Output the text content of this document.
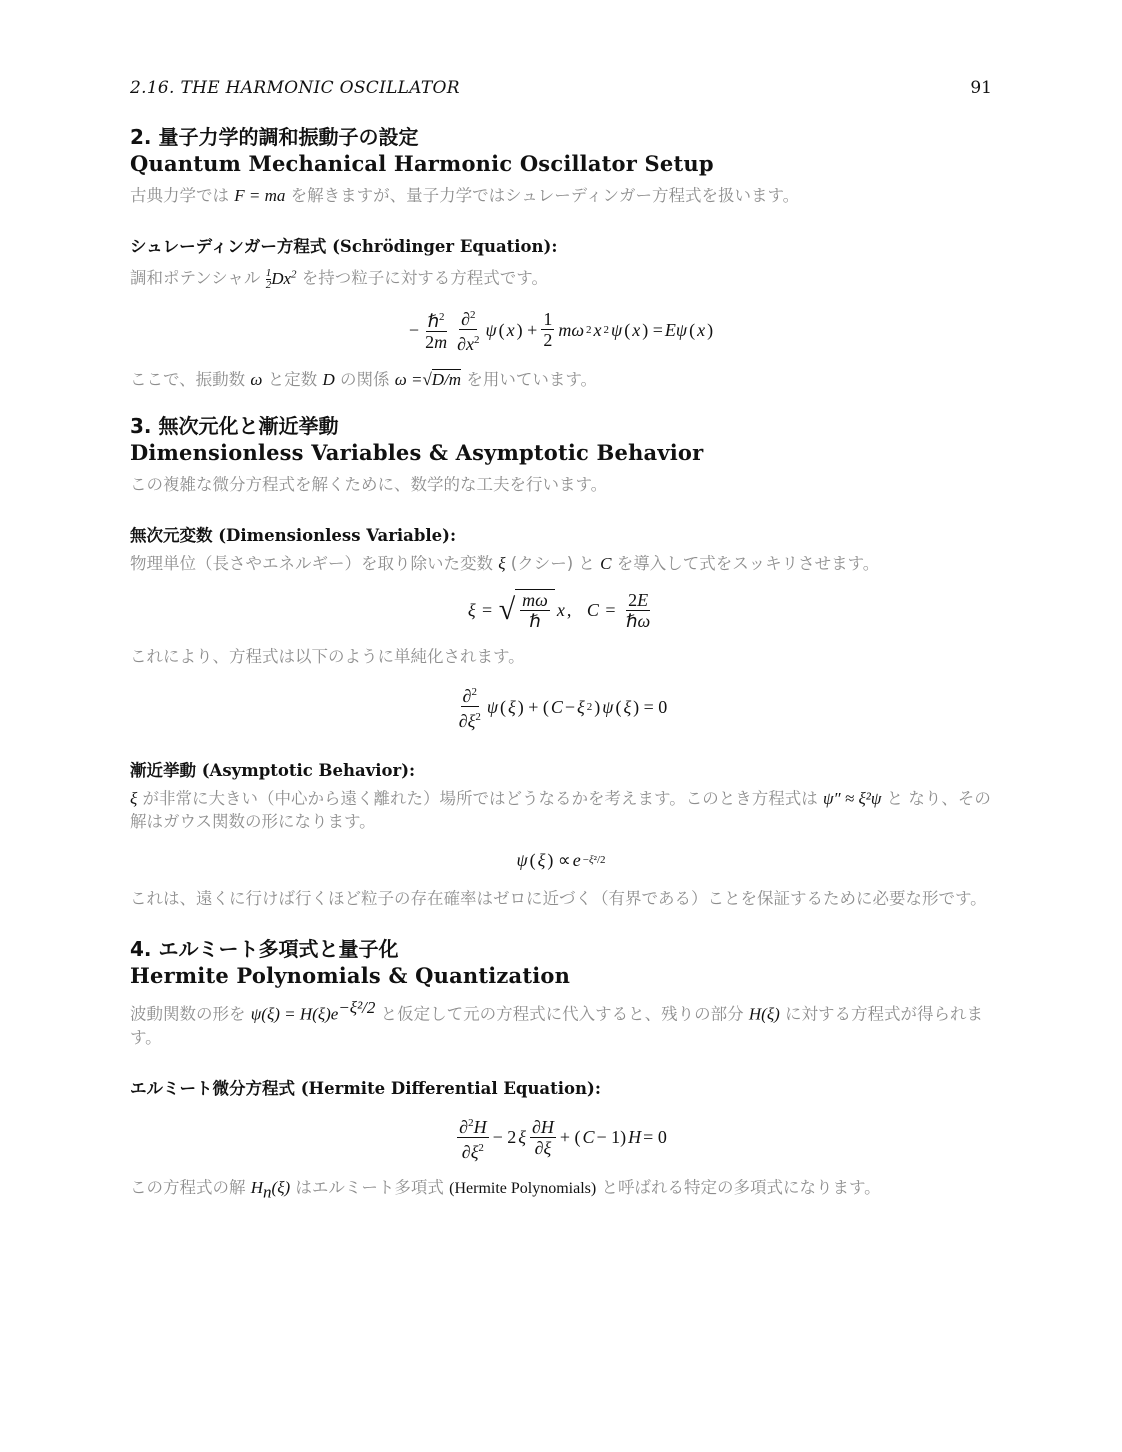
2.16. THE HARMONIC OSCILLATOR	91
2. 量子力学的調和振動子の設定
Quantum Mechanical Harmonic Oscillator Setup

古典力学では F = ma を解きますが、量子力学ではシュレーディンガー方程式を扱います。

シュレーディンガー方程式 (Schrödinger Equation):

調和ポテンシャル $\frac{1}{2} Dx^2$ を持つ粒子に対する方程式です。

− $\frac{\hbar^2}{2m} \frac{\partial^2}{\partial x^2}$ ψ ( x ) + $\frac{1}{2}$ mω 2 x 2 ψ ( x ) = Eψ ( x )

ここで、振動数 ω と定数 D の関係 ω =√D/m を用いています。

3. 無次元化と漸近挙動
Dimensionless Variables & Asymptotic Behavior

この複雑な微分方程式を解くために、数学的な工夫を行います。

無次元変数 (Dimensionless Variable):

物理単位（長さやエネルギー）を取り除いた変数 ξ (クシー) と C を導入して式をスッキリさせます。

ξ = √ $\frac{m\omega}{\text{ℏ}}$ x , $C = \frac{2E}{\text{ℏω}}$

これにより、方程式は以下のように単純化されます。

$\frac{\partial^2}{\partial\xi^2}$ ψ ( ξ ) + ( C − ξ 2 ) ψ ( ξ ) = 0
漸近挙動 (Asymptotic Behavior):

ξ が非常に大きい（中心から遠く離れた）場所ではどうなるかを考えます。このとき方程式は ψ″ ≈ ξ²ψ と なり、その解はガウス関数の形になります。

ψ ( ξ ) ∝ e −ξ²/2

これは、遠くに行けば行くほど粒子の存在確率はゼロに近づく（有界である）ことを保証するために必要な形です。

4. エルミート多項式と量子化
Hermite Polynomials & Quantization

波動関数の形を $\psi(\xi) = H(\xi)e^{-\xi^2/2}$ と仮定して元の方程式に代入すると、残りの部分 H(ξ) に対する方程式が得られます。

エルミート微分方程式 (Hermite Differential Equation):
$\frac{\partial^2H}{\partial\xi^2} - 2$ ξ $\frac{\partial H}{\partial\xi}$ + ( C − 1) H = 0

この方程式の解 $H_n(\xi)$ はエルミート多項式 (Hermite Polynomials) と呼ばれる特定の多項式になります。
